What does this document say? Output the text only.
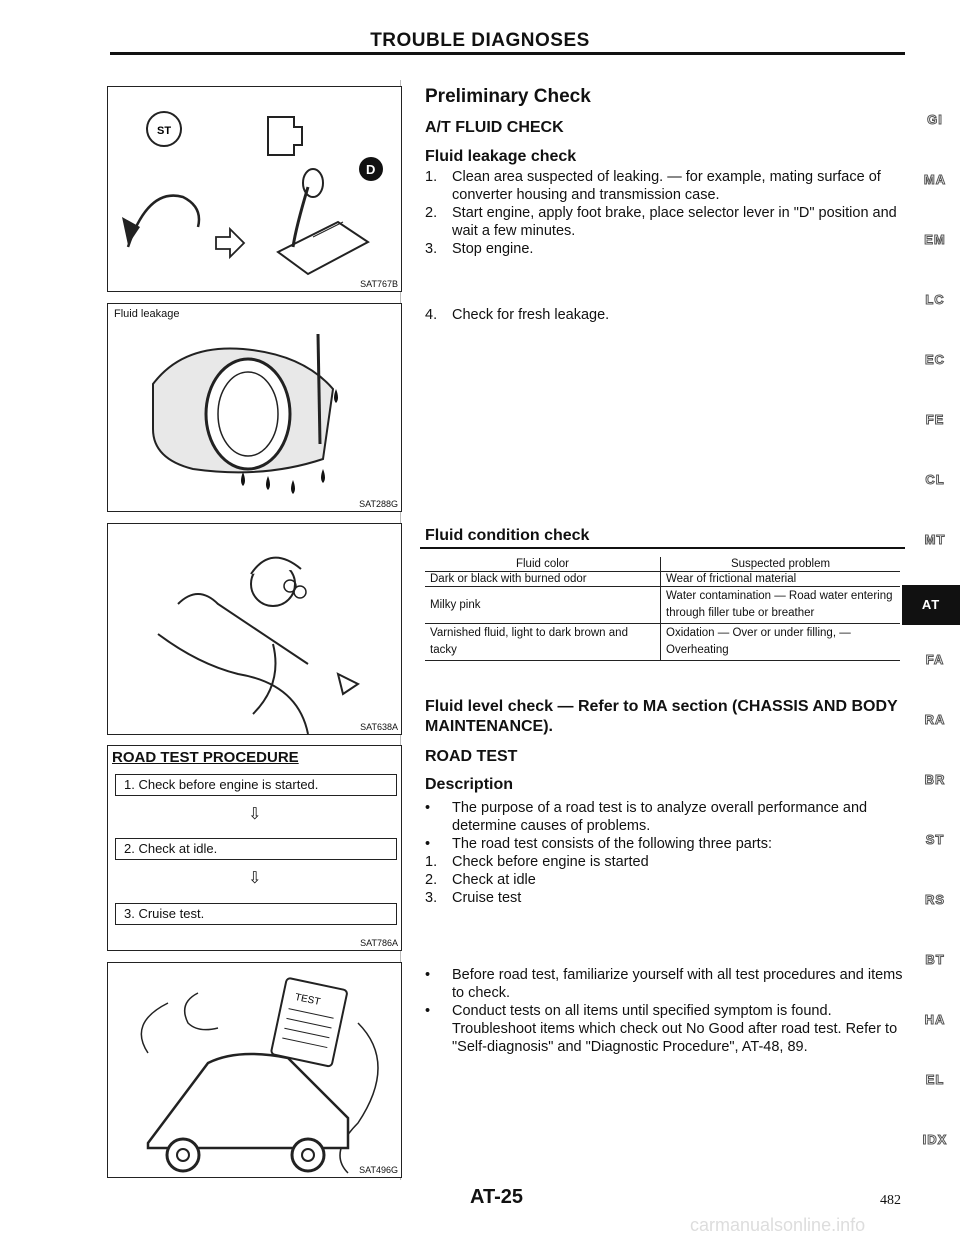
TROUBLE DIAGNOSES
ST
D
SAT767B
Fluid leakage
SAT288G
SAT638A
ROAD TEST PROCEDURE
1. Check before engine is started.
⇩
2. Check at idle.
⇩
3. Cruise test.
SAT786A
TEST
SAT496G
Preliminary Check
A/T FLUID CHECK
Fluid leakage check
1. Clean area suspected of leaking. — for example, mating surface of converter housing and transmission case.
2. Start engine, apply foot brake, place selector lever in "D" position and wait a few minutes.
3. Stop engine.
4. Check for fresh leakage.
Fluid condition check
Fluid color	Suspected problem
Dark or black with burned odor	Wear of frictional material
Milky pink	Water contamination — Road water entering through filler tube or breather
Varnished fluid, light to dark brown and tacky	Oxidation — Over or under filling, — Overheating
Fluid level check — Refer to MA section (CHASSIS AND BODY MAINTENANCE).
ROAD TEST
Description
• The purpose of a road test is to analyze overall performance and determine causes of problems.
• The road test consists of the following three parts:
1. Check before engine is started
2. Check at idle
3. Cruise test
• Before road test, familiarize yourself with all test procedures and items to check.
• Conduct tests on all items until specified symptom is found. Troubleshoot items which check out No Good after road test. Refer to "Self-diagnosis" and "Diagnostic Procedure", AT-48, 89.
GI
MA
EM
LC
EC
FE
CL
MT
AT
FA
RA
BR
ST
RS
BT
HA
EL
IDX
AT-25	482
carmanualsonline.info
